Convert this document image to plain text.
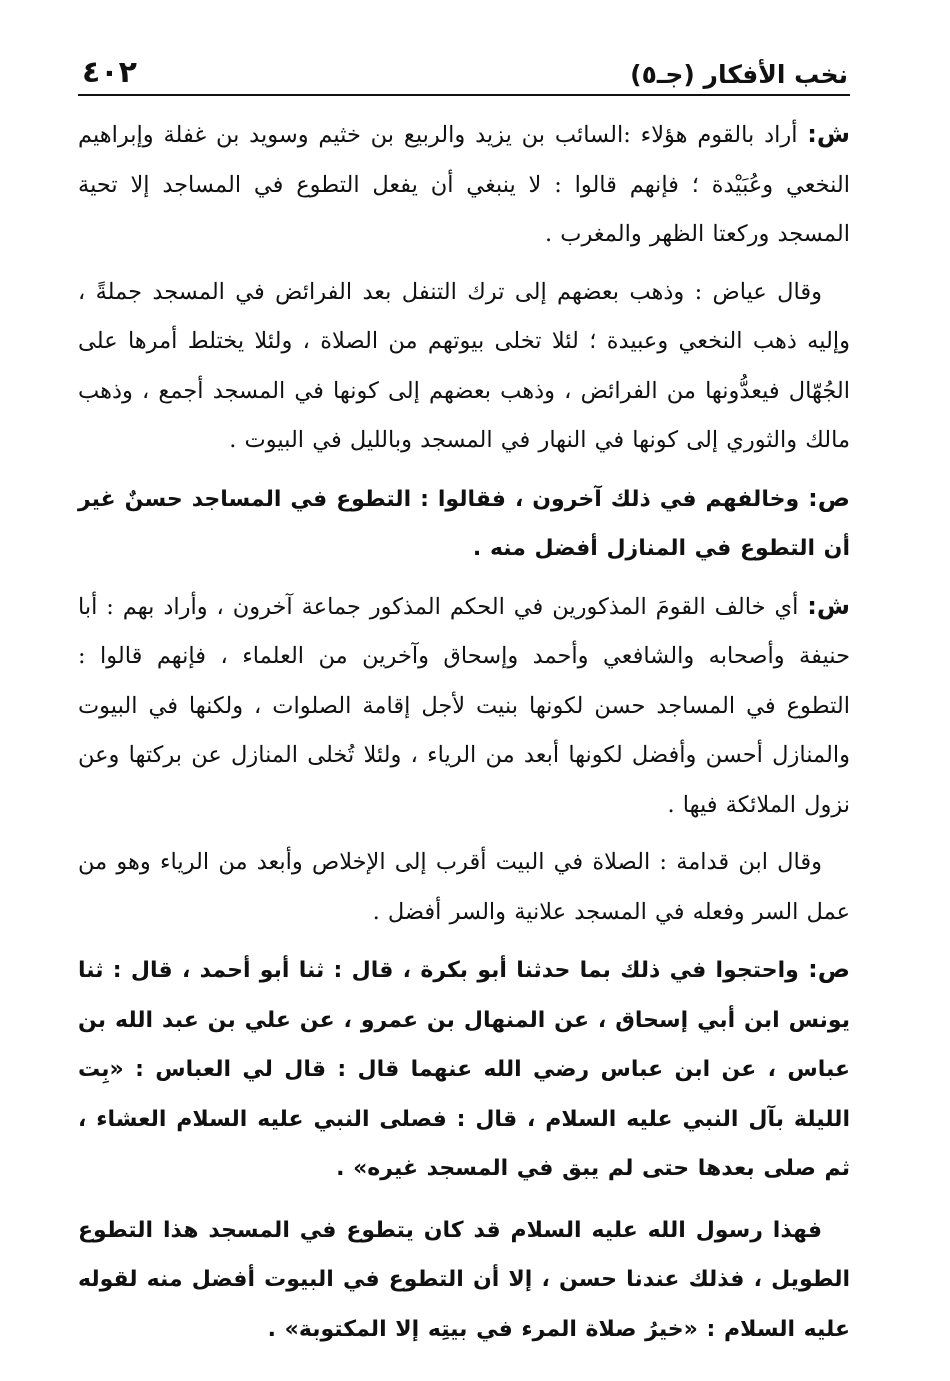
نخب الأفكار (جـ٥)
٤٠٢

ش: أراد بالقوم هؤلاء :السائب بن يزيد والربيع بن خثيم وسويد بن غفلة وإبراهيم النخعي وعُبَيْدة ؛ فإنهم قالوا : لا ينبغي أن يفعل التطوع في المساجد إلا تحية المسجد وركعتا الظهر والمغرب .

وقال عياض : وذهب بعضهم إلى ترك التنفل بعد الفرائض في المسجد جملةً ، وإليه ذهب النخعي وعبيدة ؛ لئلا تخلى بيوتهم من الصلاة ، ولئلا يختلط أمرها على الجُهّال فيعدُّونها من الفرائض ، وذهب بعضهم إلى كونها في المسجد أجمع ، وذهب مالك والثوري إلى كونها في النهار في المسجد وبالليل في البيوت .

ص: وخالفهم في ذلك آخرون ، فقالوا : التطوع في المساجد حسنٌ غير أن التطوع في المنازل أفضل منه .

ش: أي خالف القومَ المذكورين في الحكم المذكور جماعة آخرون ، وأراد بهم : أبا حنيفة وأصحابه والشافعي وأحمد وإسحاق وآخرين من العلماء ، فإنهم قالوا : التطوع في المساجد حسن لكونها بنيت لأجل إقامة الصلوات ، ولكنها في البيوت والمنازل أحسن وأفضل لكونها أبعد من الرياء ، ولئلا تُخلى المنازل عن بركتها وعن نزول الملائكة فيها .

وقال ابن قدامة : الصلاة في البيت أقرب إلى الإخلاص وأبعد من الرياء وهو من عمل السر وفعله في المسجد علانية والسر أفضل .

ص: واحتجوا في ذلك بما حدثنا أبو بكرة ، قال : ثنا أبو أحمد ، قال : ثنا يونس ابن أبي إسحاق ، عن المنهال بن عمرو ، عن علي بن عبد الله بن عباس ، عن ابن عباس رضي الله عنهما قال : قال لي العباس : «بِت الليلة بآل النبي عليه السلام ، قال : فصلى النبي عليه السلام العشاء ، ثم صلى بعدها حتى لم يبق في المسجد غيره» .

فهذا رسول الله عليه السلام قد كان يتطوع في المسجد هذا التطوع الطويل ، فذلك عندنا حسن ، إلا أن التطوع في البيوت أفضل منه لقوله عليه السلام : «خيرُ صلاة المرء في بيتِه إلا المكتوبة» .
